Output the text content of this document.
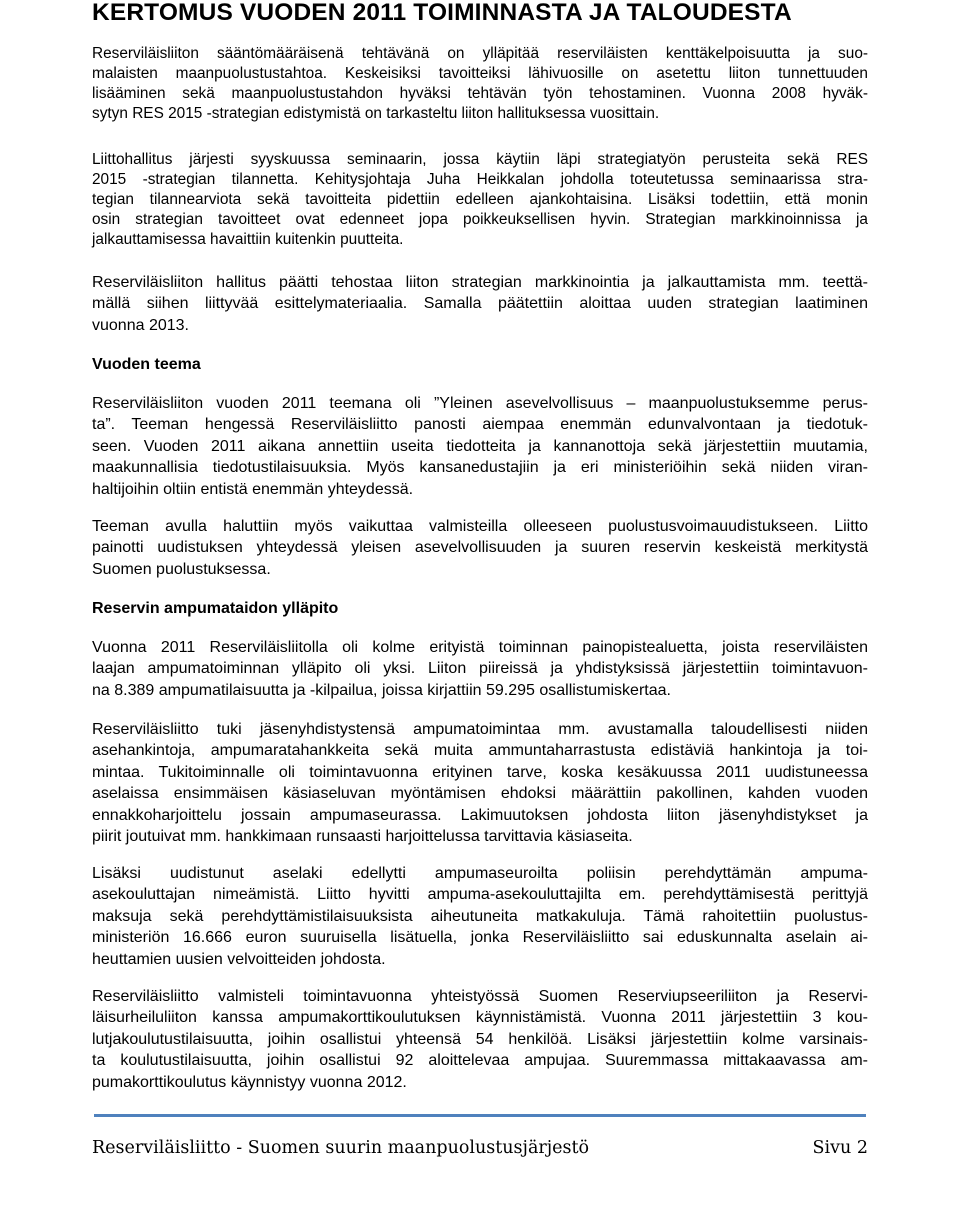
KERTOMUS VUODEN 2011 TOIMINNASTA JA TALOUDESTA
Reserviläisliiton sääntömääräisenä tehtävänä on ylläpitää reserviläisten kenttäkelpoisuutta ja suo-
malaisten maanpuolustustahtoa. Keskeisiksi tavoitteiksi lähivuosille on asetettu liiton tunnettuuden
lisääminen sekä maanpuolustustahdon hyväksi tehtävän työn tehostaminen. Vuonna 2008 hyväk-
sytyn RES 2015 -strategian edistymistä on tarkasteltu liiton hallituksessa vuosittain.
Liittohallitus järjesti syyskuussa seminaarin, jossa käytiin läpi strategiatyön perusteita sekä RES
2015 -strategian tilannetta. Kehitysjohtaja Juha Heikkalan johdolla toteutetussa seminaarissa stra-
tegian tilannearviota sekä tavoitteita pidettiin edelleen ajankohtaisina. Lisäksi todettiin, että monin
osin strategian tavoitteet ovat edenneet jopa poikkeuksellisen hyvin. Strategian markkinoinnissa ja
jalkauttamisessa havaittiin kuitenkin puutteita.
Reserviläisliiton hallitus päätti tehostaa liiton strategian markkinointia ja jalkauttamista mm. teettä-
mällä siihen liittyvää esittelymateriaalia. Samalla päätettiin aloittaa uuden strategian laatiminen
vuonna 2013.
Vuoden teema
Reserviläisliiton vuoden 2011 teemana oli ”Yleinen asevelvollisuus – maanpuolustuksemme perus-
ta”. Teeman hengessä Reserviläisliitto panosti aiempaa enemmän edunvalvontaan ja tiedotuk-
seen. Vuoden 2011 aikana annettiin useita tiedotteita ja kannanottoja sekä järjestettiin muutamia,
maakunnallisia tiedotustilaisuuksia. Myös kansanedustajiin ja eri ministeriöihin sekä niiden viran-
haltijoihin oltiin entistä enemmän yhteydessä.
Teeman avulla haluttiin myös vaikuttaa valmisteilla olleeseen puolustusvoimauudistukseen. Liitto
painotti uudistuksen yhteydessä yleisen asevelvollisuuden ja suuren reservin keskeistä merkitystä
Suomen puolustuksessa.
Reservin ampumataidon ylläpito
Vuonna 2011 Reserviläisliitolla oli kolme erityistä toiminnan painopistealuetta, joista reserviläisten
laajan ampumatoiminnan ylläpito oli yksi. Liiton piireissä ja yhdistyksissä järjestettiin toimintavuon-
na 8.389 ampumatilaisuutta ja -kilpailua, joissa kirjattiin 59.295 osallistumiskertaa.
Reserviläisliitto tuki jäsenyhdistystensä ampumatoimintaa mm. avustamalla taloudellisesti niiden
asehankintoja, ampumaratahankkeita sekä muita ammuntaharrastusta edistäviä hankintoja ja toi-
mintaa. Tukitoiminnalle oli toimintavuonna erityinen tarve, koska kesäkuussa 2011 uudistuneessa
aselaissa ensimmäisen käsiaseluvan myöntämisen ehdoksi määrättiin pakollinen, kahden vuoden
ennakkoharjoittelu jossain ampumaseurassa. Lakimuutoksen johdosta liiton jäsenyhdistykset ja
piirit joutuivat mm. hankkimaan runsaasti harjoittelussa tarvittavia käsiaseita.
Lisäksi uudistunut aselaki edellytti ampumaseuroilta poliisin perehdyttämän ampuma-
asekouluttajan nimeämistä. Liitto hyvitti ampuma-asekouluttajilta em. perehdyttämisestä perittyjä
maksuja sekä perehdyttämistilaisuuksista aiheutuneita matkakuluja. Tämä rahoitettiin puolustus-
ministeriön 16.666 euron suuruisella lisätuella, jonka Reserviläisliitto sai eduskunnalta aselain ai-
heuttamien uusien velvoitteiden johdosta.
Reserviläisliitto valmisteli toimintavuonna yhteistyössä Suomen Reserviupseeriliiton ja Reservi-
läisurheiluliiton kanssa ampumakorttikoulutuksen käynnistämistä. Vuonna 2011 järjestettiin 3 kou-
lutjakoulutustilaisuutta, joihin osallistui yhteensä 54 henkilöä. Lisäksi järjestettiin kolme varsinais-
ta koulutustilaisuutta, joihin osallistui 92 aloittelevaa ampujaa. Suuremmassa mittakaavassa am-
pumakorttikoulutus käynnistyy vuonna 2012.
Reserviläisliitto - Suomen suurin maanpuolustusjärjestö	Sivu 2
